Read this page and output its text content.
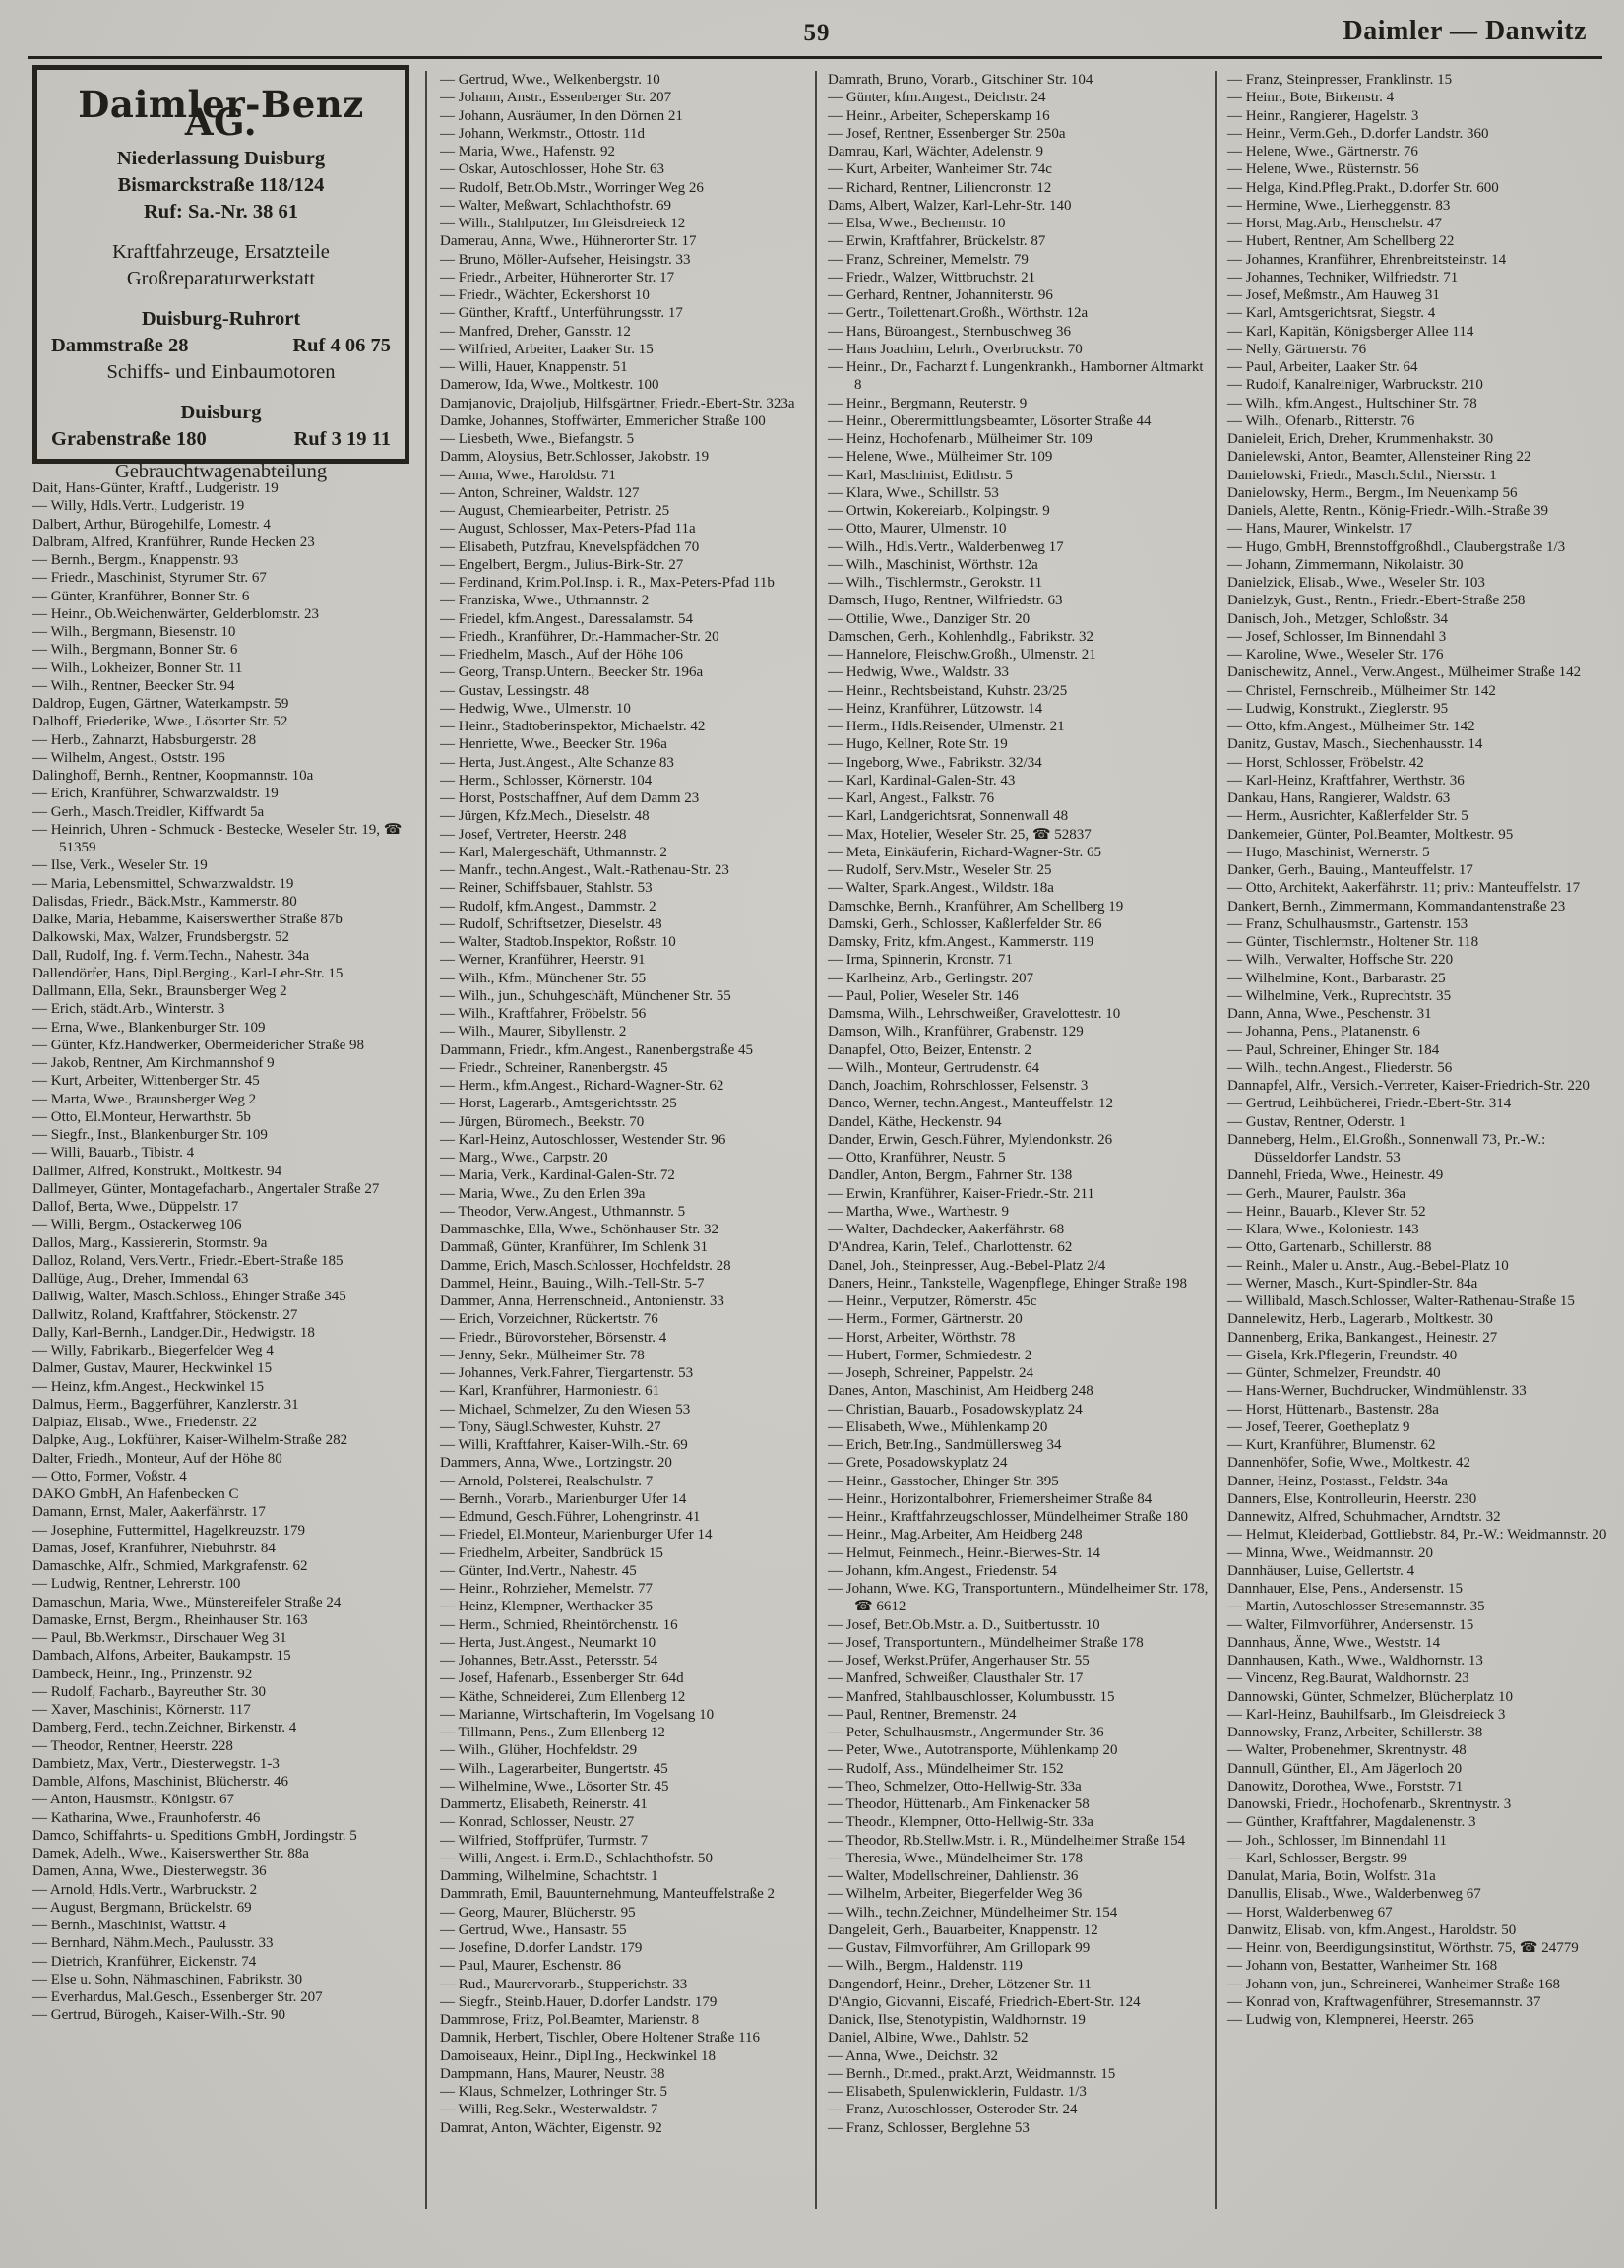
59	Daimler — Danwitz
Daimler-Benz AG.
Niederlassung Duisburg
Bismarckstraße 118/124
Ruf: Sa.-Nr. 38 61
Kraftfahrzeuge, Ersatzteile
Großreparaturwerkstatt
Duisburg-Ruhrort
Dammstraße 28	Ruf 4 06 75
Schiffs- und Einbaumotoren
Duisburg
Grabenstraße 180	Ruf 3 19 11
Gebrauchtwagenabteilung
Dait, Hans-Günter, Kraftf., Ludgeristr. 19
— Willy, Hdls.Vertr., Ludgeristr. 19
Dalbert, Arthur, Bürogehilfe, Lomestr. 4
Dalbram, Alfred, Kranführer, Runde Hecken 23
— Bernh., Bergm., Knappenstr. 93
— Friedr., Maschinist, Styrumer Str. 67
— Günter, Kranführer, Bonner Str. 6
— Heinr., Ob.Weichenwärter, Gelderblomstr. 23
— Wilh., Bergmann, Biesenstr. 10
— Wilh., Bergmann, Bonner Str. 6
— Wilh., Lokheizer, Bonner Str. 11
— Wilh., Rentner, Beecker Str. 94
Daldrop, Eugen, Gärtner, Waterkampstr. 59
Dalhoff, Friederike, Wwe., Lösorter Str. 52
— Herb., Zahnarzt, Habsburgerstr. 28
— Wilhelm, Angest., Oststr. 196
Dalinghoff, Bernh., Rentner, Koopmannstr. 10a
— Erich, Kranführer, Schwarzwaldstr. 19
— Gerh., Masch.Treidler, Kiffwardt 5a
— Heinrich, Uhren - Schmuck - Bestecke, Weseler Str. 19, ☎ 51359
— Ilse, Verk., Weseler Str. 19
— Maria, Lebensmittel, Schwarzwaldstr. 19
Dalisdas, Friedr., Bäck.Mstr., Kammerstr. 80
Dalke, Maria, Hebamme, Kaiserswerther Straße 87b
Dalkowski, Max, Walzer, Frundsbergstr. 52
Dall, Rudolf, Ing. f. Verm.Techn., Nahestr. 34a
Dallendörfer, Hans, Dipl.Berging., Karl-Lehr-Str. 15
Dallmann, Ella, Sekr., Braunsberger Weg 2
— Erich, städt.Arb., Winterstr. 3
— Erna, Wwe., Blankenburger Str. 109
— Günter, Kfz.Handwerker, Obermeidericher Straße 98
— Jakob, Rentner, Am Kirchmannshof 9
— Kurt, Arbeiter, Wittenberger Str. 45
— Marta, Wwe., Braunsberger Weg 2
— Otto, El.Monteur, Herwarthstr. 5b
— Siegfr., Inst., Blankenburger Str. 109
— Willi, Bauarb., Tibistr. 4
Dallmer, Alfred, Konstrukt., Moltkestr. 94
Dallmeyer, Günter, Montagefacharb., Angertaler Straße 27
Dallof, Berta, Wwe., Düppelstr. 17
— Willi, Bergm., Ostackerweg 106
Dallos, Marg., Kassiererin, Stormstr. 9a
Dalloz, Roland, Vers.Vertr., Friedr.-Ebert-Straße 185
Dallüge, Aug., Dreher, Immendal 63
Dallwig, Walter, Masch.Schloss., Ehinger Straße 345
Dallwitz, Roland, Kraftfahrer, Stöckenstr. 27
Dally, Karl-Bernh., Landger.Dir., Hedwigstr. 18
— Willy, Fabrikarb., Biegerfelder Weg 4
Dalmer, Gustav, Maurer, Heckwinkel 15
— Heinz, kfm.Angest., Heckwinkel 15
Dalmus, Herm., Baggerführer, Kanzlerstr. 31
Dalpiaz, Elisab., Wwe., Friedenstr. 22
Dalpke, Aug., Lokführer, Kaiser-Wilhelm-Straße 282
Dalter, Friedh., Monteur, Auf der Höhe 80
— Otto, Former, Voßstr. 4
DAKO GmbH, An Hafenbecken C
Damann, Ernst, Maler, Aakerfährstr. 17
— Josephine, Futtermittel, Hagelkreuzstr. 179
Damas, Josef, Kranführer, Niebuhrstr. 84
Damaschke, Alfr., Schmied, Markgrafenstr. 62
— Ludwig, Rentner, Lehrerstr. 100
Damaschun, Maria, Wwe., Münstereifeler Straße 24
Damaske, Ernst, Bergm., Rheinhauser Str. 163
— Paul, Bb.Werkmstr., Dirschauer Weg 31
Dambach, Alfons, Arbeiter, Baukampstr. 15
Dambeck, Heinr., Ing., Prinzenstr. 92
— Rudolf, Facharb., Bayreuther Str. 30
— Xaver, Maschinist, Körnerstr. 117
Damberg, Ferd., techn.Zeichner, Birkenstr. 4
— Theodor, Rentner, Heerstr. 228
Dambietz, Max, Vertr., Diesterwegstr. 1-3
Damble, Alfons, Maschinist, Blücherstr. 46
— Anton, Hausmstr., Königstr. 67
— Katharina, Wwe., Fraunhoferstr. 46
Damco, Schiffahrts- u. Speditions GmbH, Jordingstr. 5
Damek, Adelh., Wwe., Kaiserswerther Str. 88a
Damen, Anna, Wwe., Diesterwegstr. 36
— Arnold, Hdls.Vertr., Warbruckstr. 2
— August, Bergmann, Brückelstr. 69
— Bernh., Maschinist, Wattstr. 4
— Bernhard, Nähm.Mech., Paulusstr. 33
— Dietrich, Kranführer, Eickenstr. 74
— Else u. Sohn, Nähmaschinen, Fabrikstr. 30
— Everhardus, Mal.Gesch., Essenberger Str. 207
— Gertrud, Bürogeh., Kaiser-Wilh.-Str. 90
— Gertrud, Wwe., Welkenbergstr. 10
— Johann, Anstr., Essenberger Str. 207
— Johann, Ausräumer, In den Dörnen 21
— Johann, Werkmstr., Ottostr. 11d
— Maria, Wwe., Hafenstr. 92
— Oskar, Autoschlosser, Hohe Str. 63
— Rudolf, Betr.Ob.Mstr., Worringer Weg 26
— Walter, Meßwart, Schlachthofstr. 69
— Wilh., Stahlputzer, Im Gleisdreieck 12
Damerau, Anna, Wwe., Hühnerorter Str. 17
— Bruno, Möller-Aufseher, Heisingstr. 33
— Friedr., Arbeiter, Hühnerorter Str. 17
— Friedr., Wächter, Eckershorst 10
— Günther, Kraftf., Unterführungsstr. 17
— Manfred, Dreher, Gansstr. 12
— Wilfried, Arbeiter, Laaker Str. 15
— Willi, Hauer, Knappenstr. 51
Damerow, Ida, Wwe., Moltkestr. 100
Damjanovic, Drajoljub, Hilfsgärtner, Friedr.-Ebert-Str. 323a
Damke, Johannes, Stoffwärter, Emmericher Straße 100
— Liesbeth, Wwe., Biefangstr. 5
Damm, Aloysius, Betr.Schlosser, Jakobstr. 19
— Anna, Wwe., Haroldstr. 71
— Anton, Schreiner, Waldstr. 127
— August, Chemiearbeiter, Petristr. 25
— August, Schlosser, Max-Peters-Pfad 11a
— Elisabeth, Putzfrau, Knevelspfädchen 70
— Engelbert, Bergm., Julius-Birk-Str. 27
— Ferdinand, Krim.Pol.Insp. i. R., Max-Peters-Pfad 11b
— Franziska, Wwe., Uthmannstr. 2
— Friedel, kfm.Angest., Daressalamstr. 54
— Friedh., Kranführer, Dr.-Hammacher-Str. 20
— Friedhelm, Masch., Auf der Höhe 106
— Georg, Transp.Untern., Beecker Str. 196a
— Gustav, Lessingstr. 48
— Hedwig, Wwe., Ulmenstr. 10
— Heinr., Stadtoberinspektor, Michaelstr. 42
— Henriette, Wwe., Beecker Str. 196a
— Herta, Just.Angest., Alte Schanze 83
— Herm., Schlosser, Körnerstr. 104
— Horst, Postschaffner, Auf dem Damm 23
— Jürgen, Kfz.Mech., Dieselstr. 48
— Josef, Vertreter, Heerstr. 248
— Karl, Malergeschäft, Uthmannstr. 2
— Manfr., techn.Angest., Walt.-Rathenau-Str. 23
— Reiner, Schiffsbauer, Stahlstr. 53
— Rudolf, kfm.Angest., Dammstr. 2
— Rudolf, Schriftsetzer, Dieselstr. 48
— Walter, Stadtob.Inspektor, Roßstr. 10
— Werner, Kranführer, Heerstr. 91
— Wilh., Kfm., Münchener Str. 55
— Wilh., jun., Schuhgeschäft, Münchener Str. 55
— Wilh., Kraftfahrer, Fröbelstr. 56
— Wilh., Maurer, Sibyllenstr. 2
Dammann, Friedr., kfm.Angest., Ranenbergstraße 45
— Friedr., Schreiner, Ranenbergstr. 45
— Herm., kfm.Angest., Richard-Wagner-Str. 62
— Horst, Lagerarb., Amtsgerichtsstr. 25
— Jürgen, Büromech., Beekstr. 70
— Karl-Heinz, Autoschlosser, Westender Str. 96
— Marg., Wwe., Carpstr. 20
— Maria, Verk., Kardinal-Galen-Str. 72
— Maria, Wwe., Zu den Erlen 39a
— Theodor, Verw.Angest., Uthmannstr. 5
Dammaschke, Ella, Wwe., Schönhauser Str. 32
Dammaß, Günter, Kranführer, Im Schlenk 31
Damme, Erich, Masch.Schlosser, Hochfeldstr. 28
Dammel, Heinr., Bauing., Wilh.-Tell-Str. 5-7
Dammer, Anna, Herrenschneid., Antonienstr. 33
— Erich, Vorzeichner, Rückertstr. 76
— Friedr., Bürovorsteher, Börsenstr. 4
— Jenny, Sekr., Mülheimer Str. 78
— Johannes, Verk.Fahrer, Tiergartenstr. 53
— Karl, Kranführer, Harmoniestr. 61
— Michael, Schmelzer, Zu den Wiesen 53
— Tony, Säugl.Schwester, Kuhstr. 27
— Willi, Kraftfahrer, Kaiser-Wilh.-Str. 69
Dammers, Anna, Wwe., Lortzingstr. 20
— Arnold, Polsterei, Realschulstr. 7
— Bernh., Vorarb., Marienburger Ufer 14
— Edmund, Gesch.Führer, Lohengrinstr. 41
— Friedel, El.Monteur, Marienburger Ufer 14
— Friedhelm, Arbeiter, Sandbrück 15
— Günter, Ind.Vertr., Nahestr. 45
— Heinr., Rohrzieher, Memelstr. 77
— Heinz, Klempner, Werthacker 35
— Herm., Schmied, Rheintörchenstr. 16
— Herta, Just.Angest., Neumarkt 10
— Johannes, Betr.Asst., Petersstr. 54
— Josef, Hafenarb., Essenberger Str. 64d
— Käthe, Schneiderei, Zum Ellenberg 12
— Marianne, Wirtschafterin, Im Vogelsang 10
— Tillmann, Pens., Zum Ellenberg 12
— Wilh., Glüher, Hochfeldstr. 29
— Wilh., Lagerarbeiter, Bungertstr. 45
— Wilhelmine, Wwe., Lösorter Str. 45
Dammertz, Elisabeth, Reinerstr. 41
— Konrad, Schlosser, Neustr. 27
— Wilfried, Stoffprüfer, Turmstr. 7
— Willi, Angest. i. Erm.D., Schlachthofstr. 50
Damming, Wilhelmine, Schachtstr. 1
Dammrath, Emil, Bauunternehmung, Manteuffelstraße 2
— Georg, Maurer, Blücherstr. 95
— Gertrud, Wwe., Hansastr. 55
— Josefine, D.dorfer Landstr. 179
— Paul, Maurer, Eschenstr. 86
— Rud., Maurervorarb., Stupperichstr. 33
— Siegfr., Steinb.Hauer, D.dorfer Landstr. 179
Dammrose, Fritz, Pol.Beamter, Marienstr. 8
Damnik, Herbert, Tischler, Obere Holtener Straße 116
Damoiseaux, Heinr., Dipl.Ing., Heckwinkel 18
Dampmann, Hans, Maurer, Neustr. 38
— Klaus, Schmelzer, Lothringer Str. 5
— Willi, Reg.Sekr., Westerwaldstr. 7
Damrat, Anton, Wächter, Eigenstr. 92
Damrath, Bruno, Vorarb., Gitschiner Str. 104
— Günter, kfm.Angest., Deichstr. 24
— Heinr., Arbeiter, Scheperskamp 16
— Josef, Rentner, Essenberger Str. 250a
Damrau, Karl, Wächter, Adelenstr. 9
— Kurt, Arbeiter, Wanheimer Str. 74c
— Richard, Rentner, Liliencronstr. 12
Dams, Albert, Walzer, Karl-Lehr-Str. 140
— Elsa, Wwe., Bechemstr. 10
— Erwin, Kraftfahrer, Brückelstr. 87
— Franz, Schreiner, Memelstr. 79
— Friedr., Walzer, Wittbruchstr. 21
— Gerhard, Rentner, Johanniterstr. 96
— Gertr., Toilettenart.Großh., Wörthstr. 12a
— Hans, Büroangest., Sternbuschweg 36
— Hans Joachim, Lehrh., Overbruckstr. 70
— Heinr., Dr., Facharzt f. Lungenkrankh., Hamborner Altmarkt 8
— Heinr., Bergmann, Reuterstr. 9
— Heinr., Oberermittlungsbeamter, Lösorter Straße 44
— Heinz, Hochofenarb., Mülheimer Str. 109
— Helene, Wwe., Mülheimer Str. 109
— Karl, Maschinist, Edithstr. 5
— Klara, Wwe., Schillstr. 53
— Ortwin, Kokereiarb., Kolpingstr. 9
— Otto, Maurer, Ulmenstr. 10
— Wilh., Hdls.Vertr., Walderbenweg 17
— Wilh., Maschinist, Wörthstr. 12a
— Wilh., Tischlermstr., Gerokstr. 11
Damsch, Hugo, Rentner, Wilfriedstr. 63
— Ottilie, Wwe., Danziger Str. 20
Damschen, Gerh., Kohlenhdlg., Fabrikstr. 32
— Hannelore, Fleischw.Großh., Ulmenstr. 21
— Hedwig, Wwe., Waldstr. 33
— Heinr., Rechtsbeistand, Kuhstr. 23/25
— Heinz, Kranführer, Lützowstr. 14
— Herm., Hdls.Reisender, Ulmenstr. 21
— Hugo, Kellner, Rote Str. 19
— Ingeborg, Wwe., Fabrikstr. 32/34
— Karl, Kardinal-Galen-Str. 43
— Karl, Angest., Falkstr. 76
— Karl, Landgerichtsrat, Sonnenwall 48
— Max, Hotelier, Weseler Str. 25, ☎ 52837
— Meta, Einkäuferin, Richard-Wagner-Str. 65
— Rudolf, Serv.Mstr., Weseler Str. 25
— Walter, Spark.Angest., Wildstr. 18a
Damschke, Bernh., Kranführer, Am Schellberg 19
Damski, Gerh., Schlosser, Kaßlerfelder Str. 86
Damsky, Fritz, kfm.Angest., Kammerstr. 119
— Irma, Spinnerin, Kronstr. 71
— Karlheinz, Arb., Gerlingstr. 207
— Paul, Polier, Weseler Str. 146
Damsma, Wilh., Lehrschweißer, Gravelottestr. 10
Damson, Wilh., Kranführer, Grabenstr. 129
Danapfel, Otto, Beizer, Entenstr. 2
— Wilh., Monteur, Gertrudenstr. 64
Danch, Joachim, Rohrschlosser, Felsenstr. 3
Danco, Werner, techn.Angest., Manteuffelstr. 12
Dandel, Käthe, Heckenstr. 94
Dander, Erwin, Gesch.Führer, Mylendonkstr. 26
— Otto, Kranführer, Neustr. 5
Dandler, Anton, Bergm., Fahrner Str. 138
— Erwin, Kranführer, Kaiser-Friedr.-Str. 211
— Martha, Wwe., Warthestr. 9
— Walter, Dachdecker, Aakerfährstr. 68
D'Andrea, Karin, Telef., Charlottenstr. 62
Danel, Joh., Steinpresser, Aug.-Bebel-Platz 2/4
Daners, Heinr., Tankstelle, Wagenpflege, Ehinger Straße 198
— Heinr., Verputzer, Römerstr. 45c
— Herm., Former, Gärtnerstr. 20
— Horst, Arbeiter, Wörthstr. 78
— Hubert, Former, Schmiedestr. 2
— Joseph, Schreiner, Pappelstr. 24
Danes, Anton, Maschinist, Am Heidberg 248
— Christian, Bauarb., Posadowskyplatz 24
— Elisabeth, Wwe., Mühlenkamp 20
— Erich, Betr.Ing., Sandmüllersweg 34
— Grete, Posadowskyplatz 24
— Heinr., Gasstocher, Ehinger Str. 395
— Heinr., Horizontalbohrer, Friemersheimer Straße 84
— Heinr., Kraftfahrzeugschlosser, Mündelheimer Straße 180
— Heinr., Mag.Arbeiter, Am Heidberg 248
— Helmut, Feinmech., Heinr.-Bierwes-Str. 14
— Johann, kfm.Angest., Friedenstr. 54
— Johann, Wwe. KG, Transportuntern., Mündelheimer Str. 178, ☎ 6612
— Josef, Betr.Ob.Mstr. a. D., Suitbertusstr. 10
— Josef, Transportuntern., Mündelheimer Straße 178
— Josef, Werkst.Prüfer, Angerhauser Str. 55
— Manfred, Schweißer, Clausthaler Str. 17
— Manfred, Stahlbauschlosser, Kolumbusstr. 15
— Paul, Rentner, Bremenstr. 24
— Peter, Schulhausmstr., Angermunder Str. 36
— Peter, Wwe., Autotransporte, Mühlenkamp 20
— Rudolf, Ass., Mündelheimer Str. 152
— Theo, Schmelzer, Otto-Hellwig-Str. 33a
— Theodor, Hüttenarb., Am Finkenacker 58
— Theodr., Klempner, Otto-Hellwig-Str. 33a
— Theodor, Rb.Stellw.Mstr. i. R., Mündelheimer Straße 154
— Theresia, Wwe., Mündelheimer Str. 178
— Walter, Modellschreiner, Dahlienstr. 36
— Wilhelm, Arbeiter, Biegerfelder Weg 36
— Wilh., techn.Zeichner, Mündelheimer Str. 154
Dangeleit, Gerh., Bauarbeiter, Knappenstr. 12
— Gustav, Filmvorführer, Am Grillopark 99
— Wilh., Bergm., Haldenstr. 119
Dangendorf, Heinr., Dreher, Lötzener Str. 11
D'Angio, Giovanni, Eiscafé, Friedrich-Ebert-Str. 124
Danick, Ilse, Stenotypistin, Waldhornstr. 19
Daniel, Albine, Wwe., Dahlstr. 52
— Anna, Wwe., Deichstr. 32
— Bernh., Dr.med., prakt.Arzt, Weidmannstr. 15
— Elisabeth, Spulenwicklerin, Fuldastr. 1/3
— Franz, Autoschlosser, Osteroder Str. 24
— Franz, Schlosser, Berglehne 53
— Franz, Steinpresser, Franklinstr. 15
— Heinr., Bote, Birkenstr. 4
— Heinr., Rangierer, Hagelstr. 3
— Heinr., Verm.Geh., D.dorfer Landstr. 360
— Helene, Wwe., Gärtnerstr. 76
— Helene, Wwe., Rüsternstr. 56
— Helga, Kind.Pfleg.Prakt., D.dorfer Str. 600
— Hermine, Wwe., Lierheggenstr. 83
— Horst, Mag.Arb., Henschelstr. 47
— Hubert, Rentner, Am Schellberg 22
— Johannes, Kranführer, Ehrenbreitsteinstr. 14
— Johannes, Techniker, Wilfriedstr. 71
— Josef, Meßmstr., Am Hauweg 31
— Karl, Amtsgerichtsrat, Siegstr. 4
— Karl, Kapitän, Königsberger Allee 114
— Nelly, Gärtnerstr. 76
— Paul, Arbeiter, Laaker Str. 64
— Rudolf, Kanalreiniger, Warbruckstr. 210
— Wilh., kfm.Angest., Hultschiner Str. 78
— Wilh., Ofenarb., Ritterstr. 76
Danieleit, Erich, Dreher, Krummenhakstr. 30
Danielewski, Anton, Beamter, Allensteiner Ring 22
Danielowski, Friedr., Masch.Schl., Niersstr. 1
Danielowsky, Herm., Bergm., Im Neuenkamp 56
Daniels, Alette, Rentn., König-Friedr.-Wilh.-Straße 39
— Hans, Maurer, Winkelstr. 17
— Hugo, GmbH, Brennstoffgroßhdl., Claubergstraße 1/3
— Johann, Zimmermann, Nikolaistr. 30
Danielzick, Elisab., Wwe., Weseler Str. 103
Danielzyk, Gust., Rentn., Friedr.-Ebert-Straße 258
Danisch, Joh., Metzger, Schloßstr. 34
— Josef, Schlosser, Im Binnendahl 3
— Karoline, Wwe., Weseler Str. 176
Danischewitz, Annel., Verw.Angest., Mülheimer Straße 142
— Christel, Fernschreib., Mülheimer Str. 142
— Ludwig, Konstrukt., Zieglerstr. 95
— Otto, kfm.Angest., Mülheimer Str. 142
Danitz, Gustav, Masch., Siechenhausstr. 14
— Horst, Schlosser, Fröbelstr. 42
— Karl-Heinz, Kraftfahrer, Werthstr. 36
Dankau, Hans, Rangierer, Waldstr. 63
— Herm., Ausrichter, Kaßlerfelder Str. 5
Dankemeier, Günter, Pol.Beamter, Moltkestr. 95
— Hugo, Maschinist, Wernerstr. 5
Danker, Gerh., Bauing., Manteuffelstr. 17
— Otto, Architekt, Aakerfährstr. 11; priv.: Manteuffelstr. 17
Dankert, Bernh., Zimmermann, Kommandantenstraße 23
— Franz, Schulhausmstr., Gartenstr. 153
— Günter, Tischlermstr., Holtener Str. 118
— Wilh., Verwalter, Hoffsche Str. 220
— Wilhelmine, Kont., Barbarastr. 25
— Wilhelmine, Verk., Ruprechtstr. 35
Dann, Anna, Wwe., Peschenstr. 31
— Johanna, Pens., Platanenstr. 6
— Paul, Schreiner, Ehinger Str. 184
— Wilh., techn.Angest., Fliederstr. 56
Dannapfel, Alfr., Versich.-Vertreter, Kaiser-Friedrich-Str. 220
— Gertrud, Leihbücherei, Friedr.-Ebert-Str. 314
— Gustav, Rentner, Oderstr. 1
Danneberg, Helm., El.Großh., Sonnenwall 73, Pr.-W.: Düsseldorfer Landstr. 53
Dannehl, Frieda, Wwe., Heinestr. 49
— Gerh., Maurer, Paulstr. 36a
— Heinr., Bauarb., Klever Str. 52
— Klara, Wwe., Koloniestr. 143
— Otto, Gartenarb., Schillerstr. 88
— Reinh., Maler u. Anstr., Aug.-Bebel-Platz 10
— Werner, Masch., Kurt-Spindler-Str. 84a
— Willibald, Masch.Schlosser, Walter-Rathenau-Straße 15
Dannelewitz, Herb., Lagerarb., Moltkestr. 30
Dannenberg, Erika, Bankangest., Heinestr. 27
— Gisela, Krk.Pflegerin, Freundstr. 40
— Günter, Schmelzer, Freundstr. 40
— Hans-Werner, Buchdrucker, Windmühlenstr. 33
— Horst, Hüttenarb., Bastenstr. 28a
— Josef, Teerer, Goetheplatz 9
— Kurt, Kranführer, Blumenstr. 62
Dannenhöfer, Sofie, Wwe., Moltkestr. 42
Danner, Heinz, Postasst., Feldstr. 34a
Danners, Else, Kontrolleurin, Heerstr. 230
Dannewitz, Alfred, Schuhmacher, Arndtstr. 32
— Helmut, Kleiderbad, Gottliebstr. 84, Pr.-W.: Weidmannstr. 20
— Minna, Wwe., Weidmannstr. 20
Dannhäuser, Luise, Gellertstr. 4
Dannhauer, Else, Pens., Andersenstr. 15
— Martin, Autoschlosser Stresemannstr. 35
— Walter, Filmvorführer, Andersenstr. 15
Dannhaus, Änne, Wwe., Weststr. 14
Dannhausen, Kath., Wwe., Waldhornstr. 13
— Vincenz, Reg.Baurat, Waldhornstr. 23
Dannowski, Günter, Schmelzer, Blücherplatz 10
— Karl-Heinz, Bauhilfsarb., Im Gleisdreieck 3
Dannowsky, Franz, Arbeiter, Schillerstr. 38
— Walter, Probenehmer, Skrentnystr. 48
Dannull, Günther, El., Am Jägerloch 20
Danowitz, Dorothea, Wwe., Forststr. 71
Danowski, Friedr., Hochofenarb., Skrentnystr. 3
— Günther, Kraftfahrer, Magdalenenstr. 3
— Joh., Schlosser, Im Binnendahl 11
— Karl, Schlosser, Bergstr. 99
Danulat, Maria, Botin, Wolfstr. 31a
Danullis, Elisab., Wwe., Walderbenweg 67
— Horst, Walderbenweg 67
Danwitz, Elisab. von, kfm.Angest., Haroldstr. 50
— Heinr. von, Beerdigungsinstitut, Wörthstr. 75, ☎ 24779
— Johann von, Bestatter, Wanheimer Str. 168
— Johann von, jun., Schreinerei, Wanheimer Straße 168
— Konrad von, Kraftwagenführer, Stresemannstr. 37
— Ludwig von, Klempnerei, Heerstr. 265
